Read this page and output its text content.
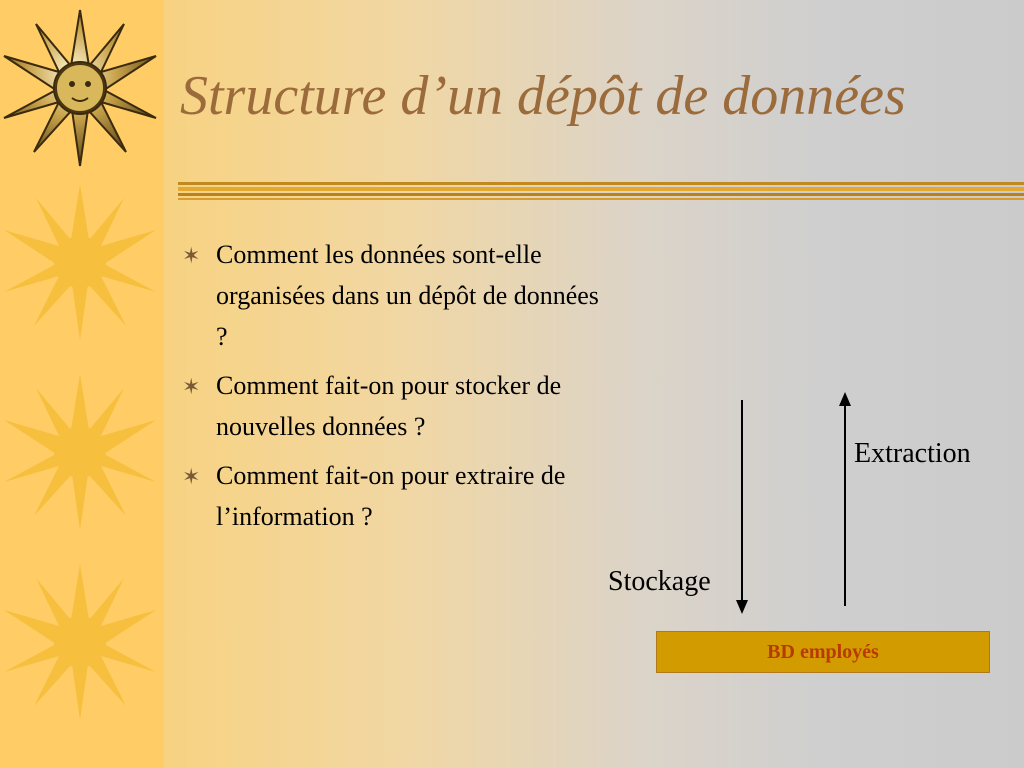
Structure d’un dépôt de données
✶ Comment les données sont-elle organisées dans un dépôt de données ?
✶ Comment fait-on pour stocker de nouvelles données ?
✶ Comment fait-on pour extraire de l’information ?
Extraction
Stockage
BD employés
